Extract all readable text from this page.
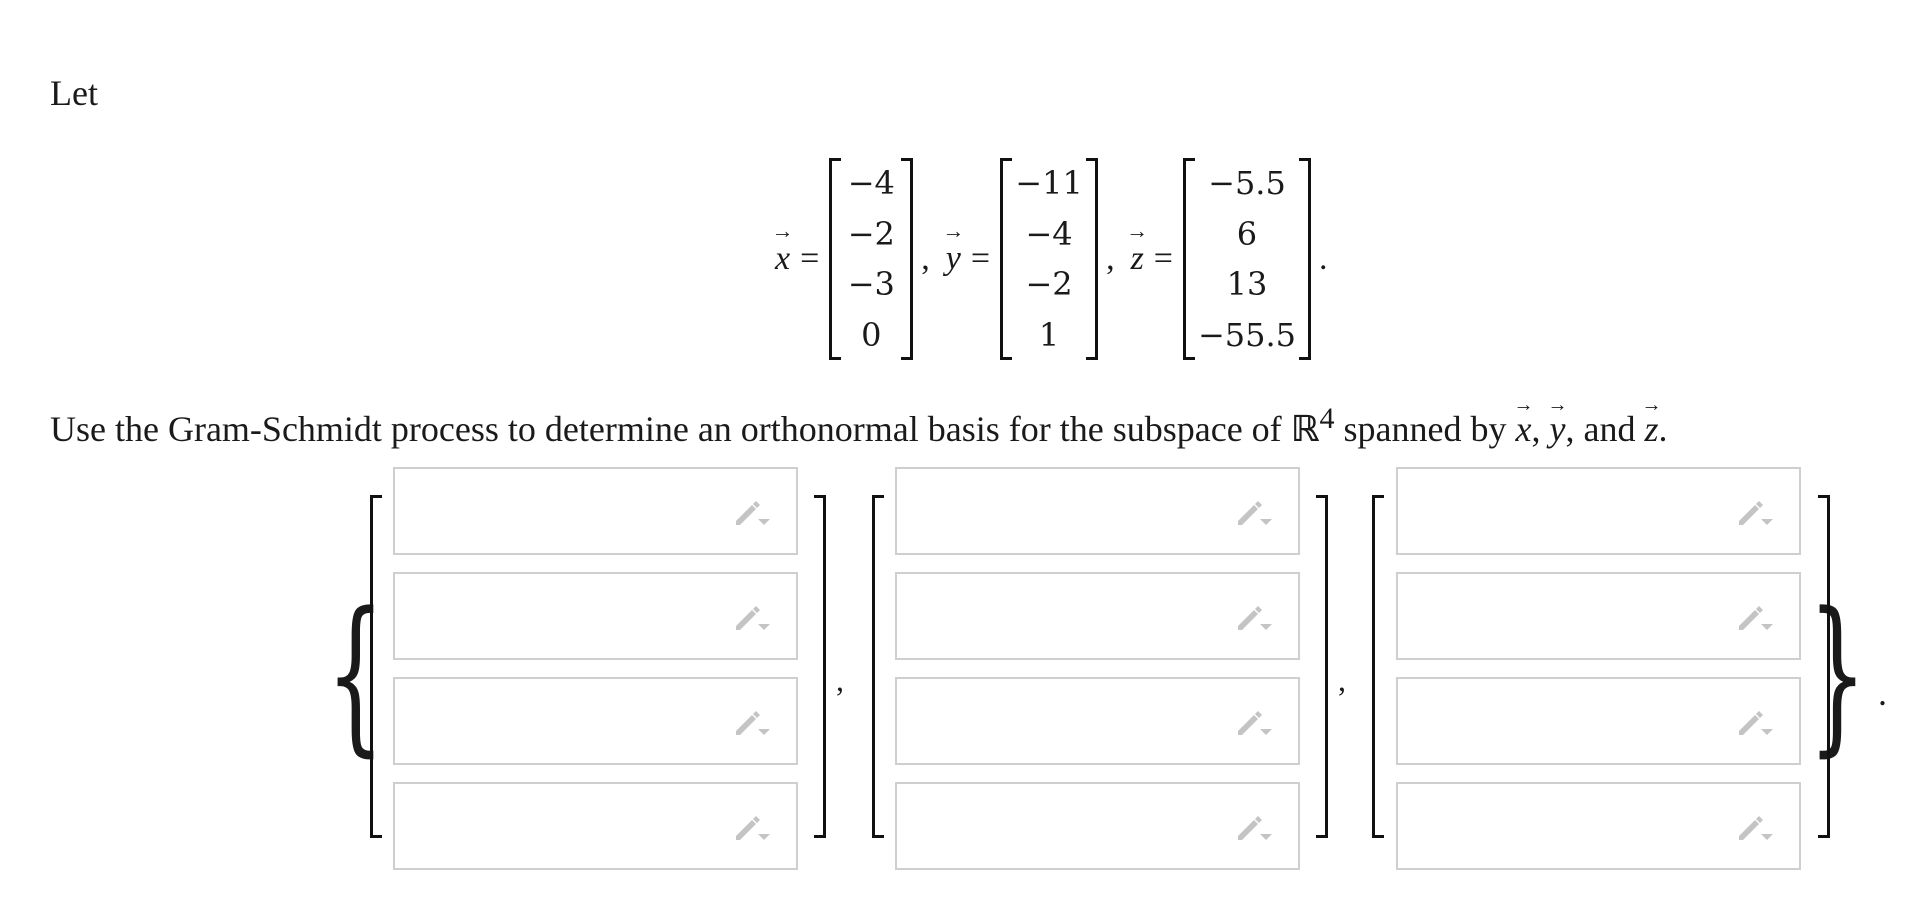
Let
→
x =
−4
−2
−3
0
,
→
y =
−11
−4
−2
1
,
→
z =
−5.5
6
13
−55.5
.
Use the Gram-Schmidt process to determine an orthonormal basis for the subspace of ℝ$^4$ spanned by
→
x,
→
y, and
→
z.
{	} .
,	,
